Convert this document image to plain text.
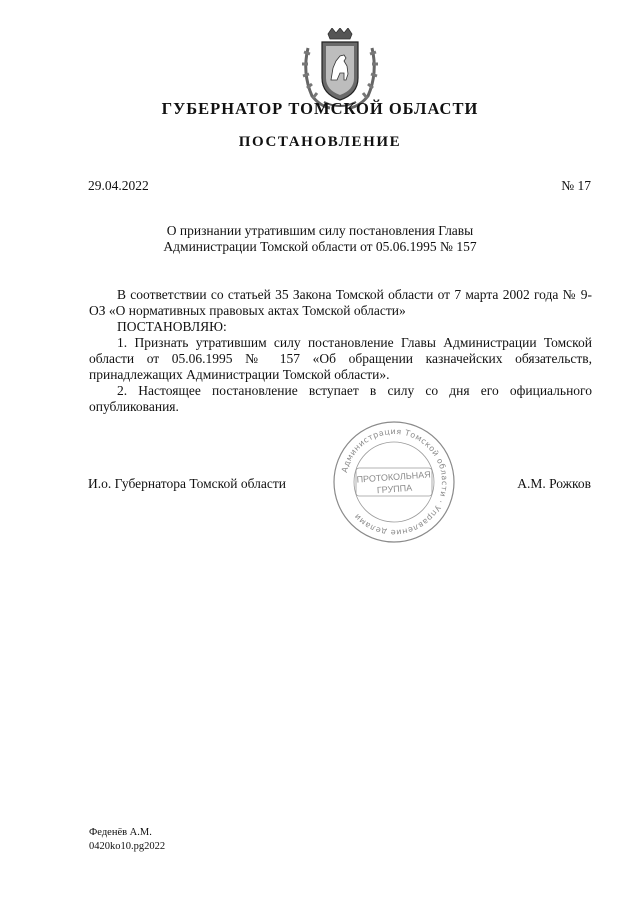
ГУБЕРНАТОР ТОМСКОЙ ОБЛАСТИ
ПОСТАНОВЛЕНИЕ
29.04.2022	№ 17
О признании утратившим силу постановления Главы
Администрации Томской области от 05.06.1995 № 157

В соответствии со статьей 35 Закона Томской области от 7 марта 2002 года № 9-ОЗ «О нормативных правовых актах Томской области»

ПОСТАНОВЛЯЮ:

1. Признать утратившим силу постановление Главы Администрации Томской области от 05.06.1995 № 157 «Об обращении казначейских обязательств, принадлежащих Администрации Томской области».

2. Настоящее постановление вступает в силу со дня его официального опубликования.

И.о. Губернатора Томской области	А.М. Рожков
Администрация Томской области · Управление делами
ПРОТОКОЛЬНАЯ
ГРУППА
Феденёв А.М.
0420ko10.pg2022
